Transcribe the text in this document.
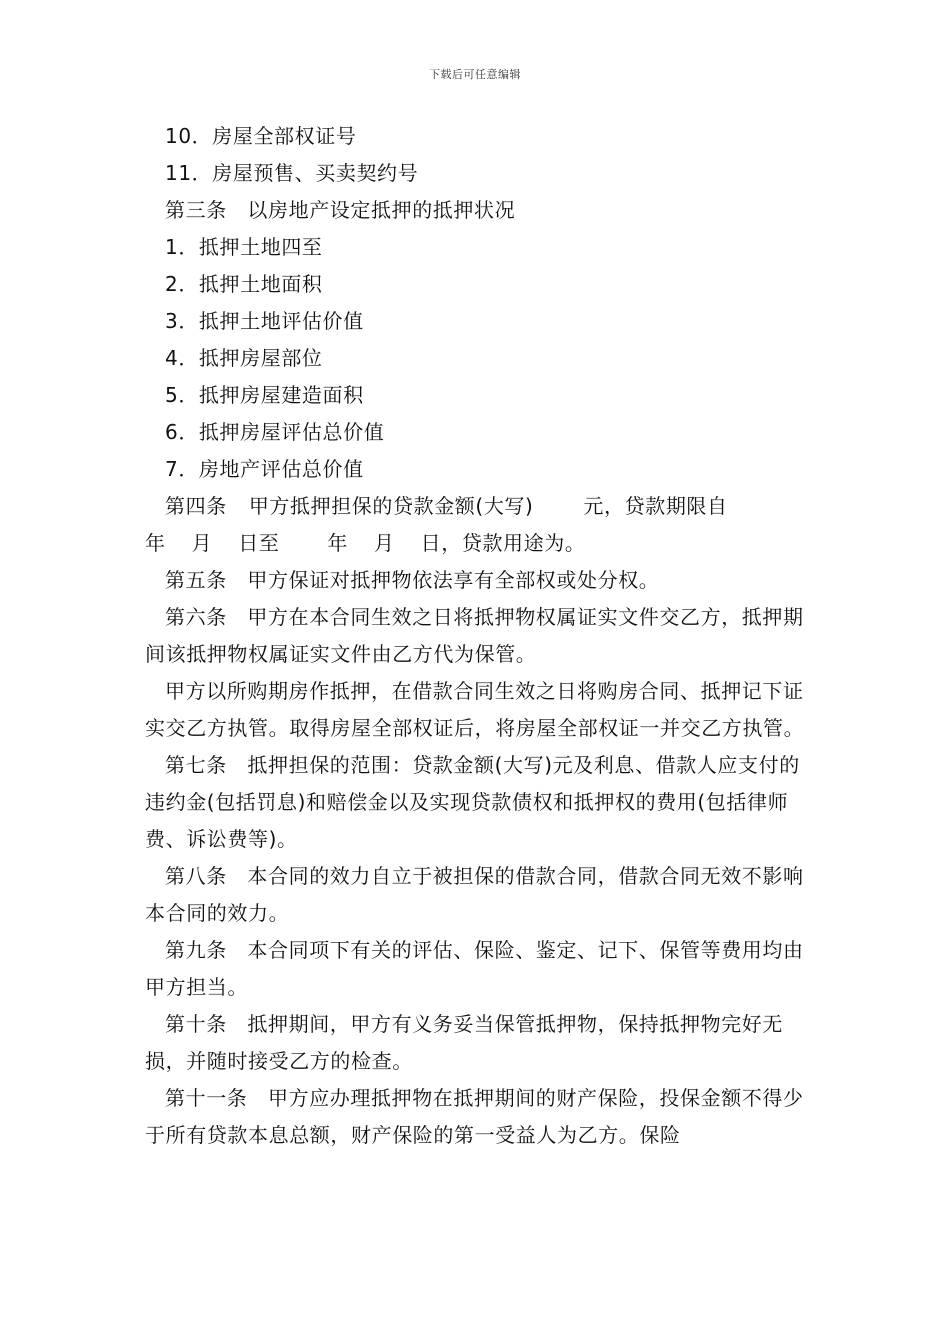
下载后可任意编辑

10．房屋全部权证号

11．房屋预售、买卖契约号

第三条　以房地产设定抵押的抵押状况

1．抵押土地四至

2．抵押土地面积

3．抵押土地评估价值

4．抵押房屋部位

5．抵押房屋建造面积

6．抵押房屋评估总价值

7．房地产评估总价值

第四条 甲方抵押担保的贷款金额(大写)	元，贷款期限自
年 月 日至 年 月 日，贷款用途为。

第五条　甲方保证对抵押物依法享有全部权或处分权。

第六条　甲方在本合同生效之日将抵押物权属证实文件交乙方，抵押期间该抵押物权属证实文件由乙方代为保管。

甲方以所购期房作抵押，在借款合同生效之日将购房合同、抵押记下证实交乙方执管。取得房屋全部权证后，将房屋全部权证一并交乙方执管。

第七条　抵押担保的范围：贷款金额(大写)元及利息、借款人应支付的违约金(包括罚息)和赔偿金以及实现贷款债权和抵押权的费用(包括律师费、诉讼费等)。

第八条　本合同的效力自立于被担保的借款合同，借款合同无效不影响本合同的效力。

第九条　本合同项下有关的评估、保险、鉴定、记下、保管等费用均由甲方担当。

第十条　抵押期间，甲方有义务妥当保管抵押物，保持抵押物完好无损，并随时接受乙方的检查。

第十一条　甲方应办理抵押物在抵押期间的财产保险，投保金额不得少于所有贷款本息总额，财产保险的第一受益人为乙方。保险
